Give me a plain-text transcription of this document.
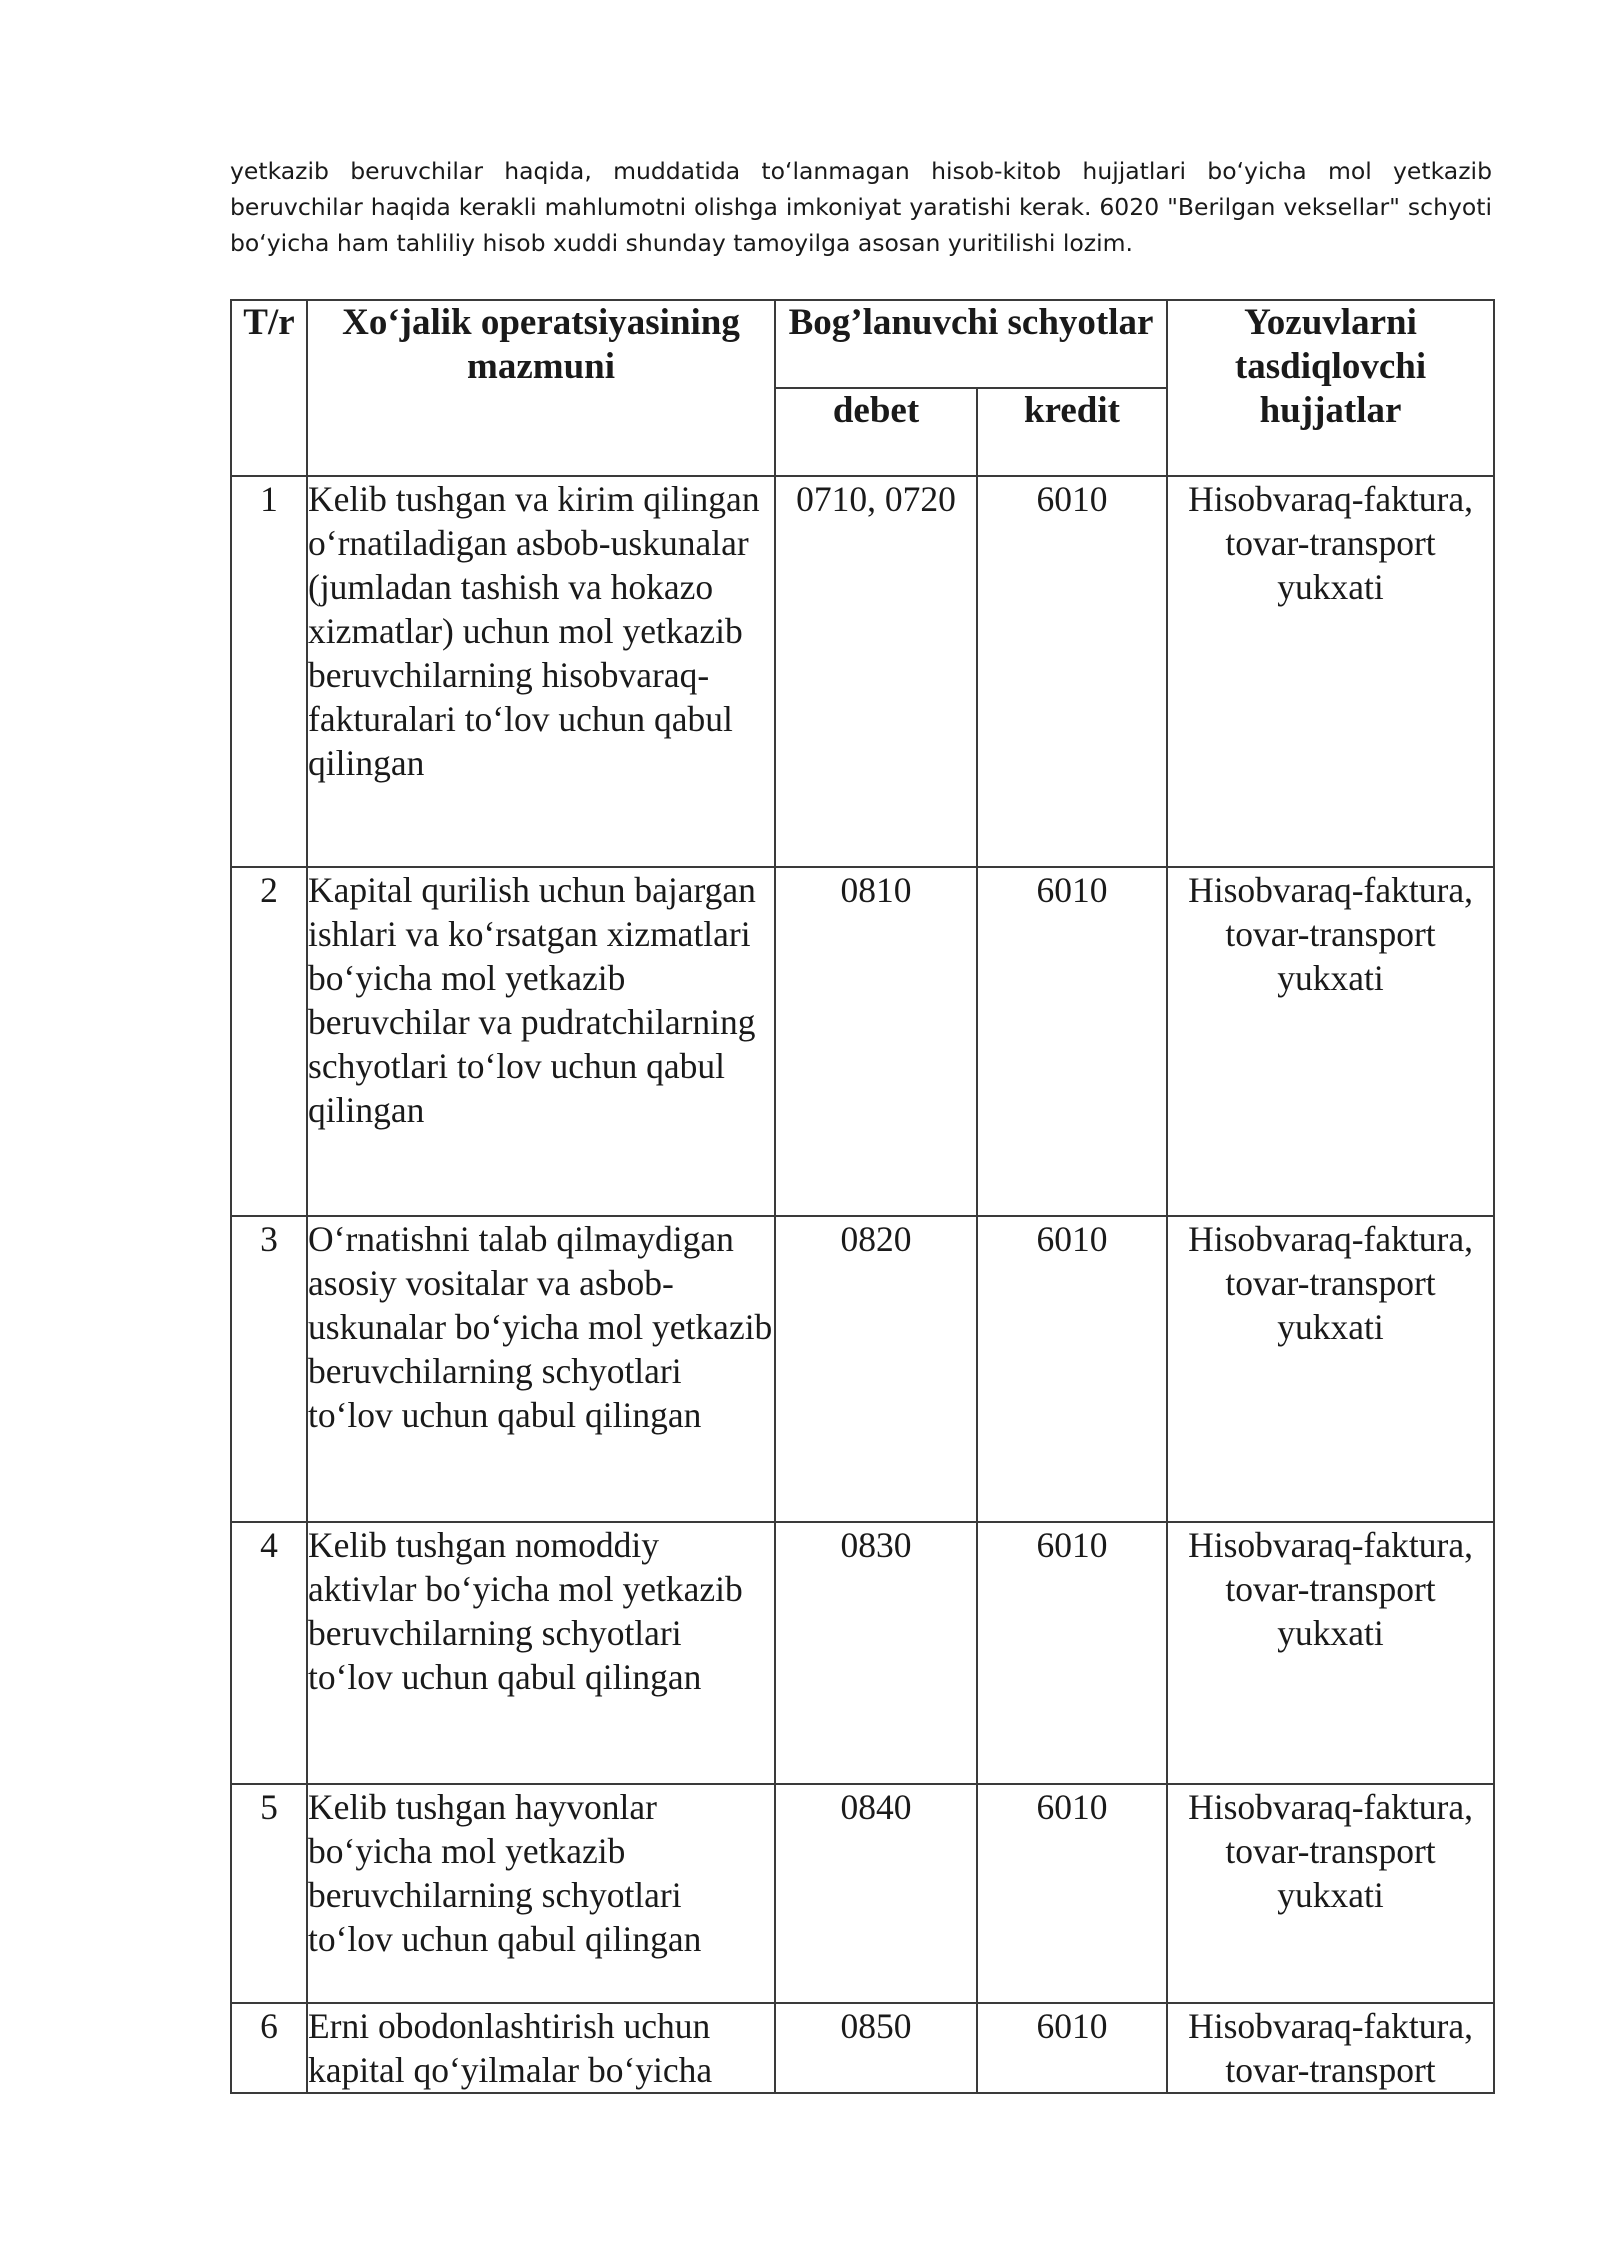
yetkazib beruvchilar haqida, muddatida to‘lanmagan hisob-kitob hujjatlari bo‘yicha mol yetkazib beruvchilar haqida kerakli mahlumotni olishga imkoniyat yaratishi kerak. 6020 "Berilgan veksellar" schyoti bo‘yicha ham tahliliy hisob xuddi shunday tamoyilga asosan yuritilishi lozim.

T/r	Xo‘jalik operatsiyasining mazmuni	Bog’lanuvchi schyotlar		Yozuvlarni tasdiqlovchi hujjatlar
		debet	kredit	
1	Kelib tushgan va kirim qilingan o‘rnatiladigan asbob-uskunalar (jumladan tashish va hokazo xizmatlar) uchun mol yetkazib beruvchilarning hisobvaraq-fakturalari to‘lov uchun qabul qilingan	0710, 0720	6010	Hisobvaraq-faktura, tovar-transport yukxati
2	Kapital qurilish uchun bajargan ishlari va ko‘rsatgan xizmatlari bo‘yicha mol yetkazib beruvchilar va pudratchilarning schyotlari to‘lov uchun qabul qilingan	0810	6010	Hisobvaraq-faktura, tovar-transport yukxati
3	O‘rnatishni talab qilmaydigan asosiy vositalar va asbob-uskunalar bo‘yicha mol yetkazib beruvchilarning schyotlari to‘lov uchun qabul qilingan	0820	6010	Hisobvaraq-faktura, tovar-transport yukxati
4	Kelib tushgan nomoddiy aktivlar bo‘yicha mol yetkazib beruvchilarning schyotlari to‘lov uchun qabul qilingan	0830	6010	Hisobvaraq-faktura, tovar-transport yukxati
5	Kelib tushgan hayvonlar bo‘yicha mol yetkazib beruvchilarning schyotlari to‘lov uchun qabul qilingan	0840	6010	Hisobvaraq-faktura, tovar-transport yukxati
6	Erni obodonlashtirish uchun kapital qo‘yilmalar bo‘yicha	0850	6010	Hisobvaraq-faktura, tovar-transport
